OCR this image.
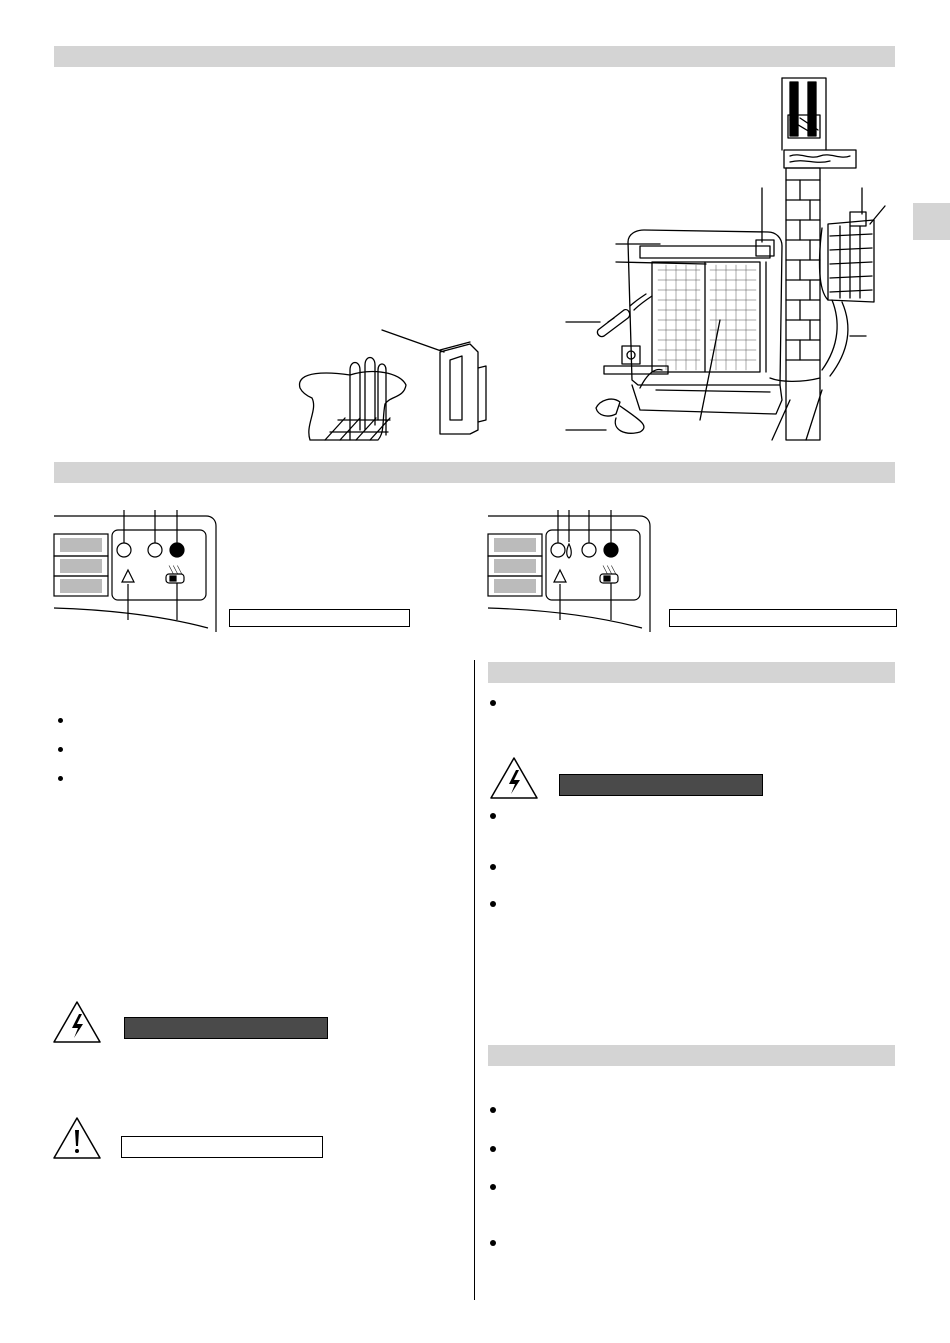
╲╲╲	╲╲╲
